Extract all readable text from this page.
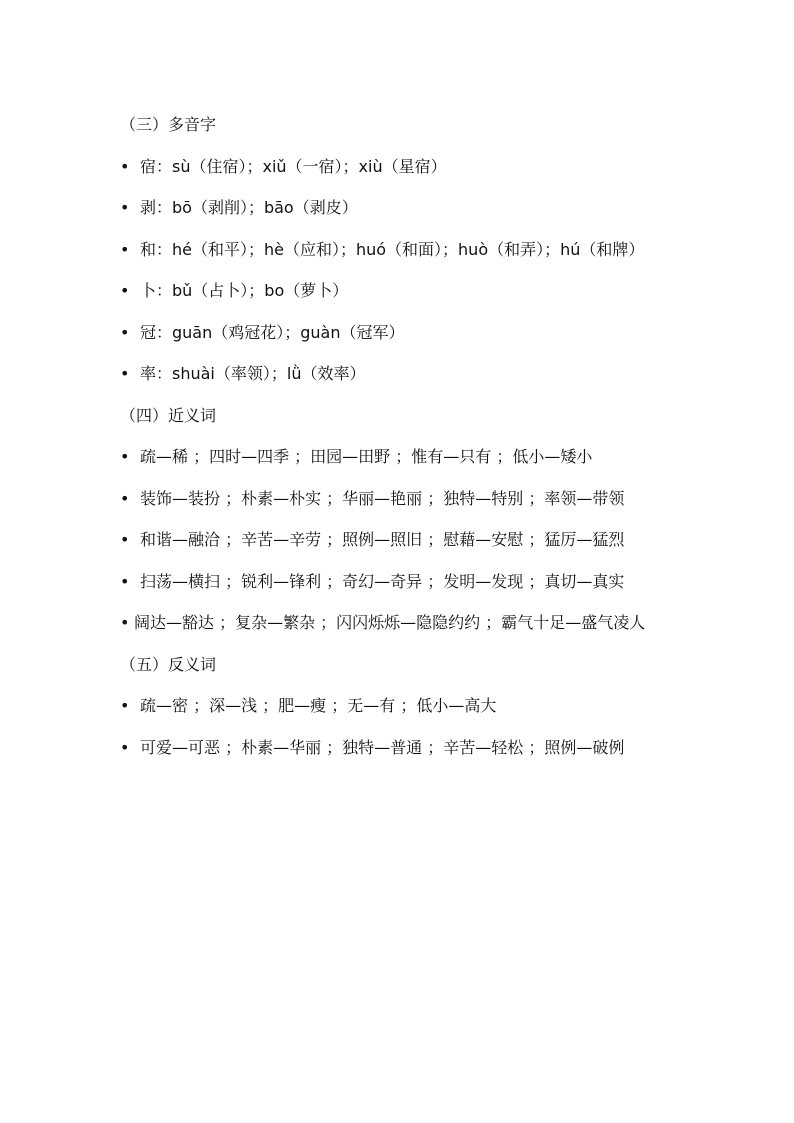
（三）多音字
• 宿：sù（住宿）；xiǔ（一宿）；xiù（星宿）
• 剥：bō（剥削）；bāo（剥皮）
• 和：hé（和平）；hè（应和）；huó（和面）；huò（和弄）；hú（和牌）
• 卜：bǔ（占卜）；bo（萝卜）
• 冠：guān（鸡冠花）；guàn（冠军）
• 率：shuài（率领）；lǜ（效率）
（四）近义词
• 疏—稀 ；四时—四季 ；田园—田野 ；惟有—只有 ；低小—矮小
• 装饰—装扮 ；朴素—朴实 ；华丽—艳丽 ；独特—特别 ；率领—带领
• 和谐—融洽 ；辛苦—辛劳 ；照例—照旧 ；慰藉—安慰 ；猛厉—猛烈
• 扫荡—横扫 ；锐利—锋利 ；奇幻—奇异 ；发明—发现 ；真切—真实
• 阔达—豁达 ；复杂—繁杂 ；闪闪烁烁—隐隐约约 ；霸气十足—盛气凌人
（五）反义词
• 疏—密 ；深—浅 ；肥—瘦 ；无—有 ；低小—高大
• 可爱—可恶 ；朴素—华丽 ；独特—普通 ；辛苦—轻松 ；照例—破例
